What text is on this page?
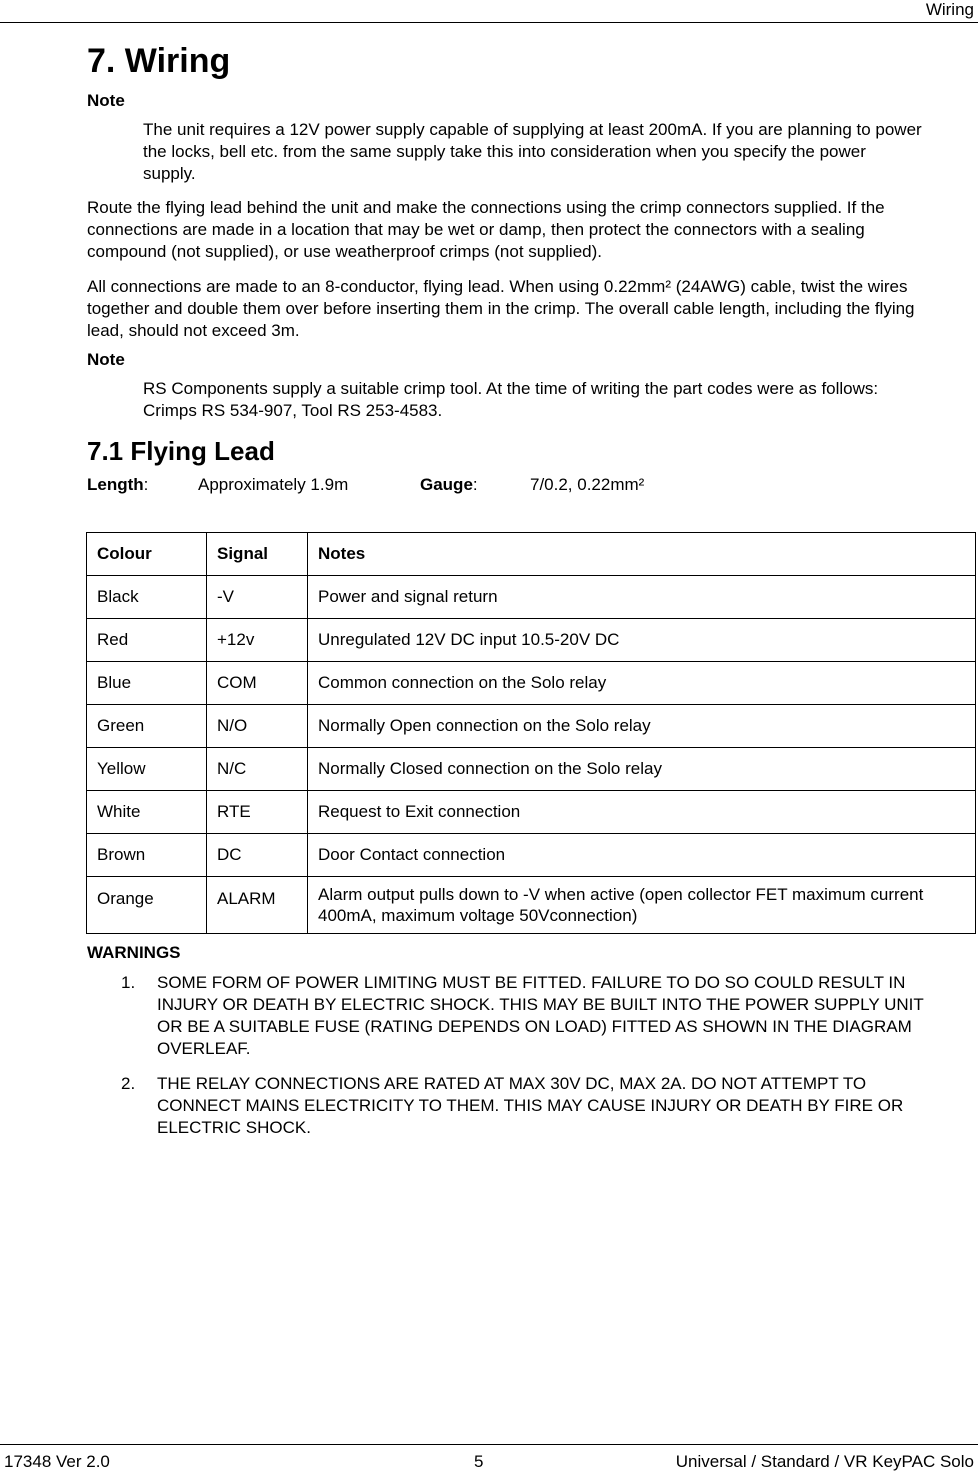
Wiring
7. Wiring
Note
The unit requires a 12V power supply capable of supplying at least 200mA. If you are planning to power the locks, bell etc. from the same supply take this into consideration when you specify the power supply.
Route the flying lead behind the unit and make the connections using the crimp connectors supplied. If the connections are made in a location that may be wet or damp, then protect the connectors with a sealing compound (not supplied), or use weatherproof crimps (not supplied).
All connections are made to an 8-conductor, flying lead. When using 0.22mm² (24AWG) cable, twist the wires together and double them over before inserting them in the crimp. The overall cable length, including the flying lead, should not exceed 3m.
Note
RS Components supply a suitable crimp tool. At the time of writing the part codes were as follows: Crimps RS 534-907, Tool RS 253-4583.
7.1 Flying Lead
Length:	Approximately 1.9m	Gauge:	7/0.2, 0.22mm²
Colour	Signal	Notes
Black	-V	Power and signal return
Red	+12v	Unregulated 12V DC input 10.5-20V DC
Blue	COM	Common connection on the Solo relay
Green	N/O	Normally Open connection on the Solo relay
Yellow	N/C	Normally Closed connection on the Solo relay
White	RTE	Request to Exit connection
Brown	DC	Door Contact connection
Orange	ALARM	Alarm output pulls down to -V when active (open collector FET maximum current 400mA, maximum voltage 50Vconnection)
WARNINGS
1. SOME FORM OF POWER LIMITING MUST BE FITTED. FAILURE TO DO SO COULD RESULT IN INJURY OR DEATH BY ELECTRIC SHOCK. THIS MAY BE BUILT INTO THE POWER SUPPLY UNIT OR BE A SUITABLE FUSE (RATING DEPENDS ON LOAD) FITTED AS SHOWN IN THE DIAGRAM OVERLEAF.
2. THE RELAY CONNECTIONS ARE RATED AT MAX 30V DC, MAX 2A. DO NOT ATTEMPT TO CONNECT MAINS ELECTRICITY TO THEM. THIS MAY CAUSE INJURY OR DEATH BY FIRE OR ELECTRIC SHOCK.
17348 Ver 2.0	5	Universal / Standard / VR KeyPAC Solo
